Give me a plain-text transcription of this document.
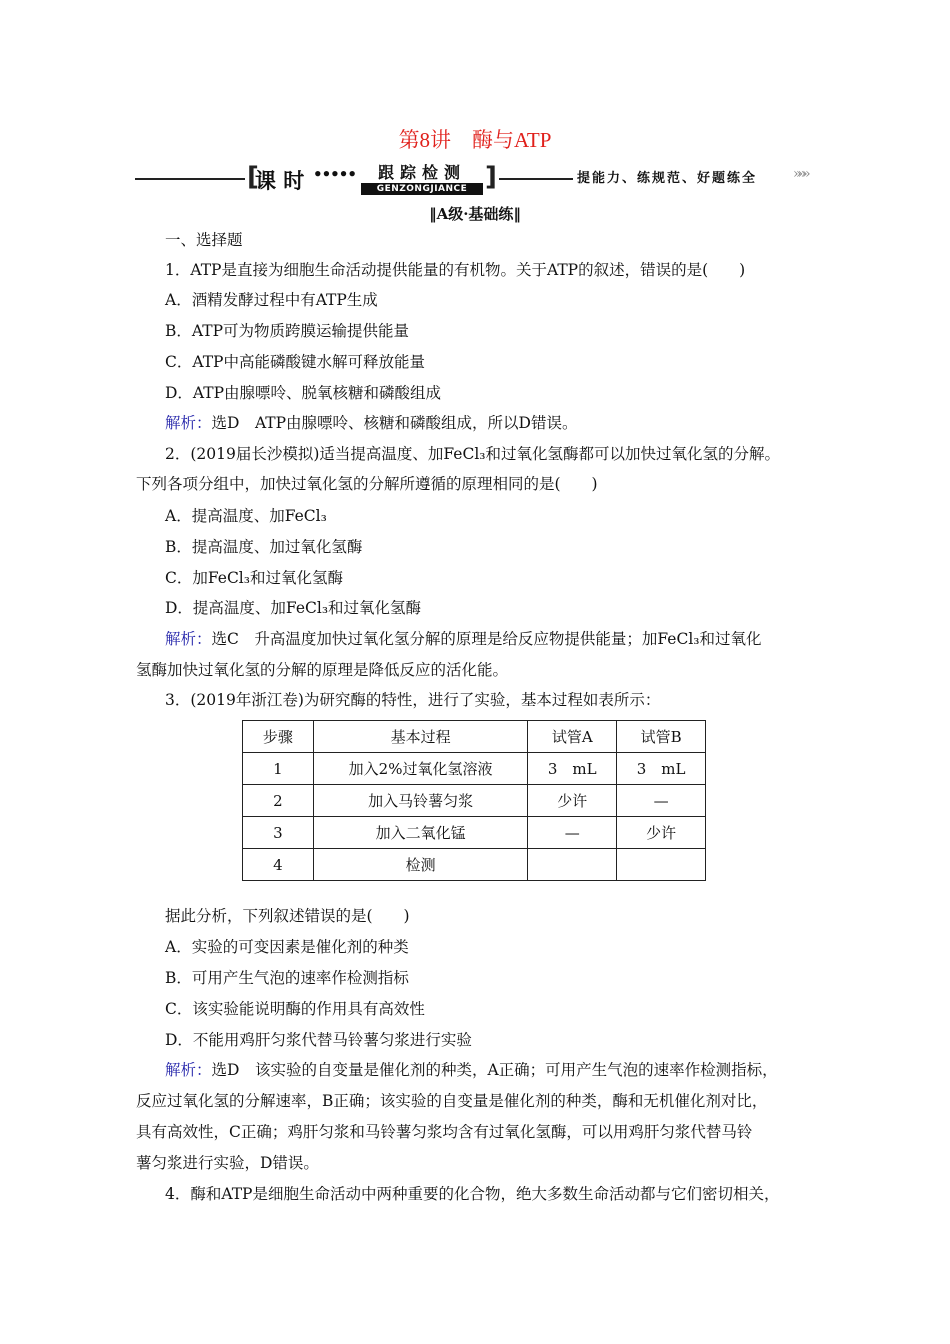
第8讲　酶与ATP
[
课 时 •••••	跟踪检测
GENZONGJIANCE ]	提能力、练规范、好题练全	»»»
‖A级·基础练‖
一、选择题
1．ATP是直接为细胞生命活动提供能量的有机物。关于ATP的叙述，错误的是(　　)
A．酒精发酵过程中有ATP生成
B．ATP可为物质跨膜运输提供能量
C．ATP中高能磷酸键水解可释放能量
D．ATP由腺嘌呤、脱氧核糖和磷酸组成
解析：选D　ATP由腺嘌呤、核糖和磷酸组成，所以D错误。
2．(2019届长沙模拟)适当提高温度、加FeCl₃和过氧化氢酶都可以加快过氧化氢的分解。
下列各项分组中，加快过氧化氢的分解所遵循的原理相同的是(　　)
A．提高温度、加FeCl₃
B．提高温度、加过氧化氢酶
C．加FeCl₃和过氧化氢酶
D．提高温度、加FeCl₃和过氧化氢酶
解析：选C　升高温度加快过氧化氢分解的原理是给反应物提供能量；加FeCl₃和过氧化
氢酶加快过氧化氢的分解的原理是降低反应的活化能。
3．(2019年浙江卷)为研究酶的特性，进行了实验，基本过程如表所示：
步骤	基本过程	试管A	试管B
1	加入2%过氧化氢溶液	3　mL	3　mL
2	加入马铃薯匀浆	少许	—
3	加入二氧化锰	—	少许
4	检测		
据此分析，下列叙述错误的是(　　)
A．实验的可变因素是催化剂的种类
B．可用产生气泡的速率作检测指标
C．该实验能说明酶的作用具有高效性
D．不能用鸡肝匀浆代替马铃薯匀浆进行实验
解析：选D　该实验的自变量是催化剂的种类，A正确；可用产生气泡的速率作检测指标，
反应过氧化氢的分解速率，B正确；该实验的自变量是催化剂的种类，酶和无机催化剂对比，
具有高效性，C正确；鸡肝匀浆和马铃薯匀浆均含有过氧化氢酶，可以用鸡肝匀浆代替马铃
薯匀浆进行实验，D错误。
4．酶和ATP是细胞生命活动中两种重要的化合物，绝大多数生命活动都与它们密切相关，
